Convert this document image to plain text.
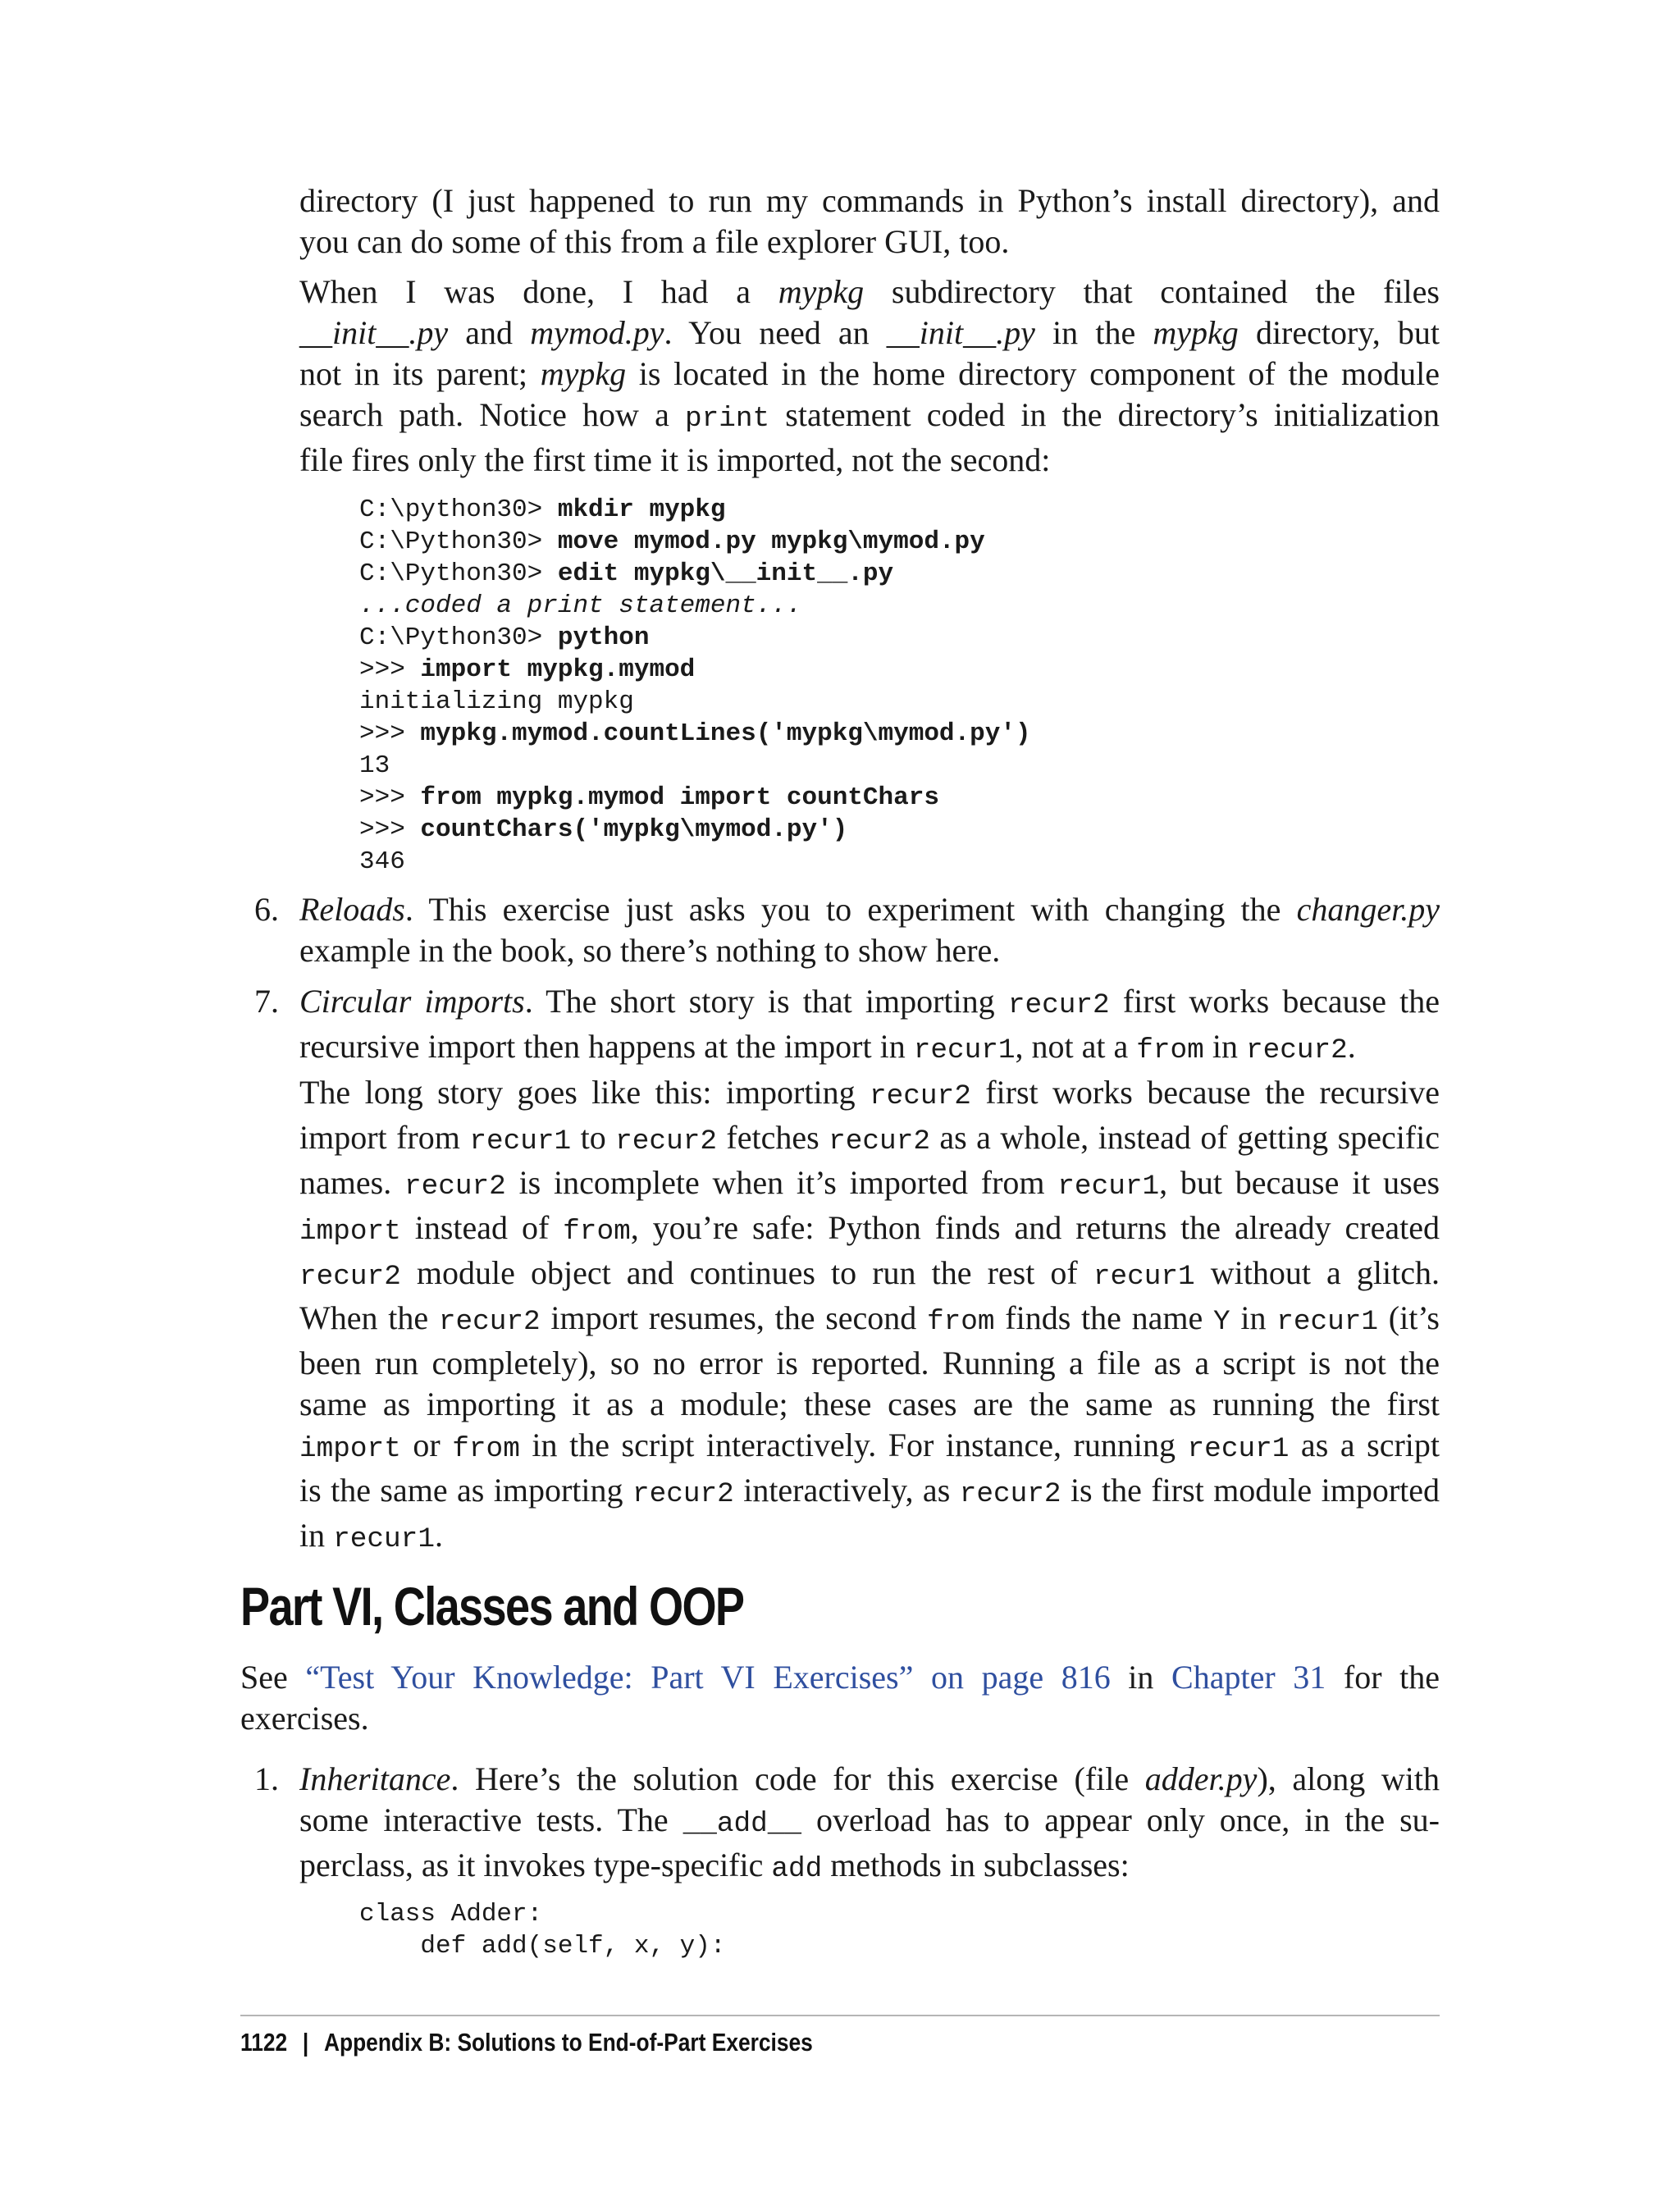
directory (I just happened to run my commands in Python’s install directory), and
you can do some of this from a file explorer GUI, too.
When I was done, I had a mypkg subdirectory that contained the files
__init__.py and mymod.py. You need an __init__.py in the mypkg directory, but
not in its parent; mypkg is located in the home directory component of the module
search path. Notice how a print statement coded in the directory’s initialization
file fires only the first time it is imported, not the second:
C:\python30> mkdir mypkg
C:\Python30> move mymod.py mypkg\mymod.py
C:\Python30> edit mypkg\__init__.py
...coded a print statement...
C:\Python30> python
>>> import mypkg.mymod
initializing mypkg
>>> mypkg.mymod.countLines('mypkg\mymod.py')
13
>>> from mypkg.mymod import countChars
>>> countChars('mypkg\mymod.py')
346
6. Reloads. This exercise just asks you to experiment with changing the changer.py
example in the book, so there’s nothing to show here.
7. Circular imports. The short story is that importing recur2 first works because the
recursive import then happens at the import in recur1, not at a from in recur2.
The long story goes like this: importing recur2 first works because the recursive
import from recur1 to recur2 fetches recur2 as a whole, instead of getting specific
names. recur2 is incomplete when it’s imported from recur1, but because it uses
import instead of from, you’re safe: Python finds and returns the already created
recur2 module object and continues to run the rest of recur1 without a glitch.
When the recur2 import resumes, the second from finds the name Y in recur1 (it’s
been run completely), so no error is reported. Running a file as a script is not the
same as importing it as a module; these cases are the same as running the first
import or from in the script interactively. For instance, running recur1 as a script
is the same as importing recur2 interactively, as recur2 is the first module imported
in recur1.
Part VI, Classes and OOP
See “Test Your Knowledge: Part VI Exercises” on page 816 in Chapter 31 for the
exercises.
1. Inheritance. Here’s the solution code for this exercise (file adder.py), along with
some interactive tests. The __add__ overload has to appear only once, in the su-
perclass, as it invokes type-specific add methods in subclasses:
class Adder:
def add(self, x, y):
1122 | Appendix B: Solutions to End-of-Part Exercises
